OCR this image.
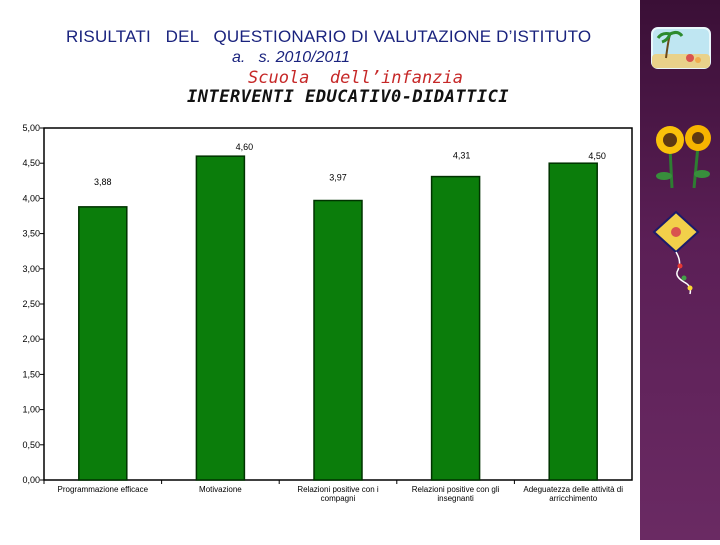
RISULTATI   DEL   QUESTIONARIO DI VALUTAZIONE D’ISTITUTO
a.   s. 2010/2011
Scuola  dell’infanzia
INTERVENTI EDUCATIV0-DIDATTICI
0,00
0,50
1,00
1,50
2,00
2,50
3,00
3,50
4,00
4,50
5,00
Programmazione efficace
3,88
Motivazione
4,60
Relazioni positive con i compagni
3,97
Relazioni positive con gli insegnanti
4,31
Adeguatezza delle attività di arricchimento
4,50
